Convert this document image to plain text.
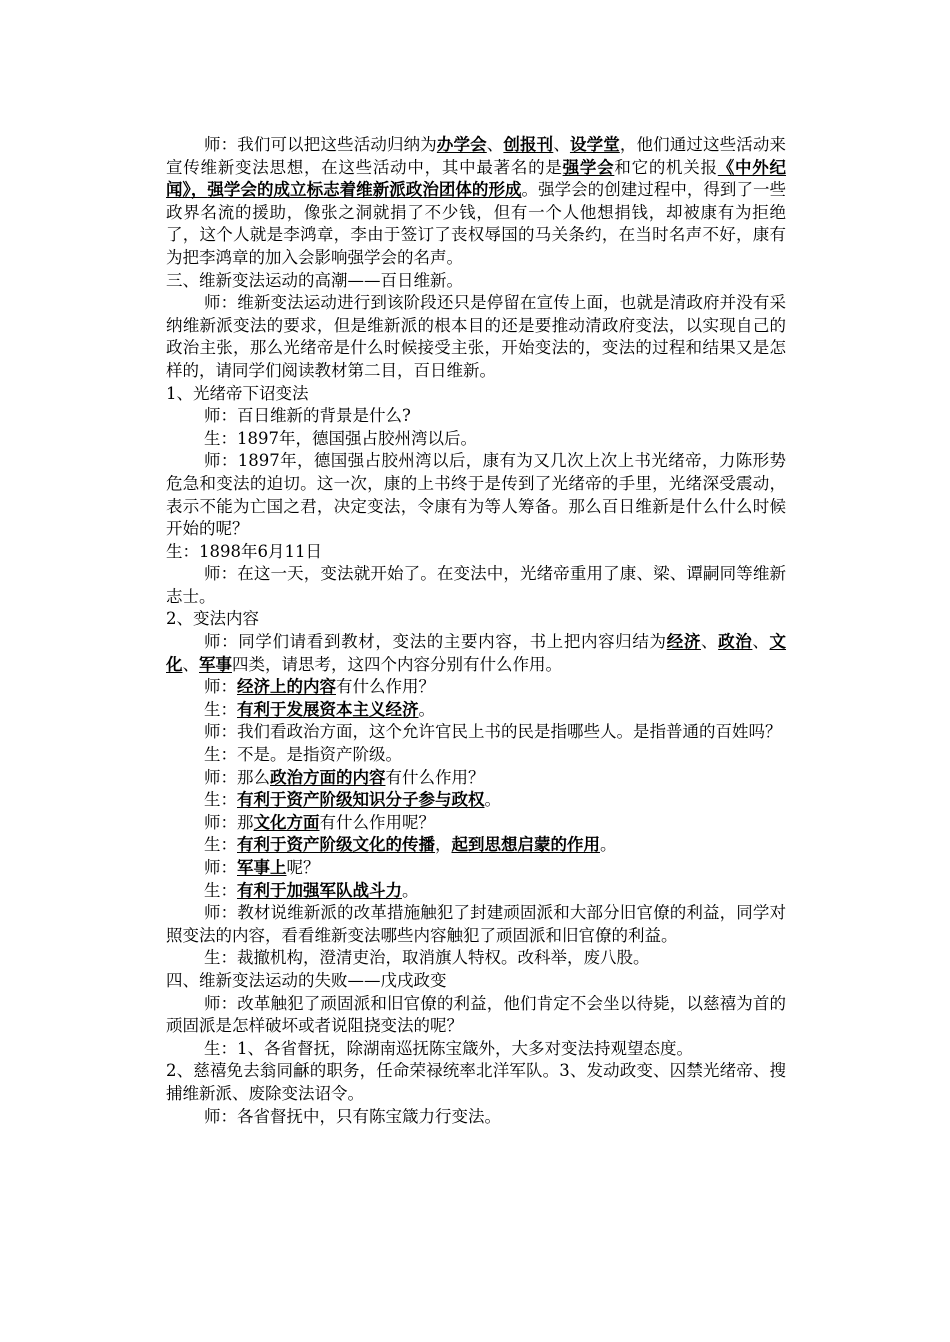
师：我们可以把这些活动归纳为办学会、创报刊、设学堂，他们通过这些活动来宣传维新变法思想，在这些活动中，其中最著名的是强学会和它的机关报《中外纪闻》，强学会的成立标志着维新派政治团体的形成。强学会的创建过程中，得到了一些政界名流的援助，像张之洞就捐了不少钱，但有一个人他想捐钱，却被康有为拒绝了，这个人就是李鸿章，李由于签订了丧权辱国的马关条约，在当时名声不好，康有为把李鸿章的加入会影响强学会的名声。

三、维新变法运动的高潮——百日维新。

师：维新变法运动进行到该阶段还只是停留在宣传上面，也就是清政府并没有采纳维新派变法的要求，但是维新派的根本目的还是要推动清政府变法，以实现自己的政治主张，那么光绪帝是什么时候接受主张，开始变法的，变法的过程和结果又是怎样的，请同学们阅读教材第二目，百日维新。

1、光绪帝下诏变法

师：百日维新的背景是什么?

生：1897年，德国强占胶州湾以后。

师：1897年，德国强占胶州湾以后，康有为又几次上次上书光绪帝，力陈形势危急和变法的迫切。这一次，康的上书终于是传到了光绪帝的手里，光绪深受震动，表示不能为亡国之君，决定变法，令康有为等人筹备。那么百日维新是什么什么时候开始的呢？

生：1898年6月11日

师：在这一天，变法就开始了。在变法中，光绪帝重用了康、梁、谭嗣同等维新志士。

2、变法内容

师：同学们请看到教材，变法的主要内容，书上把内容归结为经济、政治、文化、军事四类，请思考，这四个内容分别有什么作用。

师：经济上的内容有什么作用？

生：有利于发展资本主义经济。

师：我们看政治方面，这个允许官民上书的民是指哪些人。是指普通的百姓吗？

生：不是。是指资产阶级。

师：那么政治方面的内容有什么作用？

生：有利于资产阶级知识分子参与政权。

师：那文化方面有什么作用呢？

生：有利于资产阶级文化的传播，起到思想启蒙的作用。

师：军事上呢？

生：有利于加强军队战斗力。

师：教材说维新派的改革措施触犯了封建顽固派和大部分旧官僚的利益，同学对照变法的内容，看看维新变法哪些内容触犯了顽固派和旧官僚的利益。

生：裁撤机构，澄清吏治，取消旗人特权。改科举，废八股。

四、维新变法运动的失败——戊戌政变

师：改革触犯了顽固派和旧官僚的利益，他们肯定不会坐以待毙，以慈禧为首的顽固派是怎样破坏或者说阻挠变法的呢？

生：1、各省督抚，除湖南巡抚陈宝箴外，大多对变法持观望态度。

2、慈禧免去翁同龢的职务，任命荣禄统率北洋军队。3、发动政变、囚禁光绪帝、搜捕维新派、废除变法诏令。

师：各省督抚中，只有陈宝箴力行变法。
